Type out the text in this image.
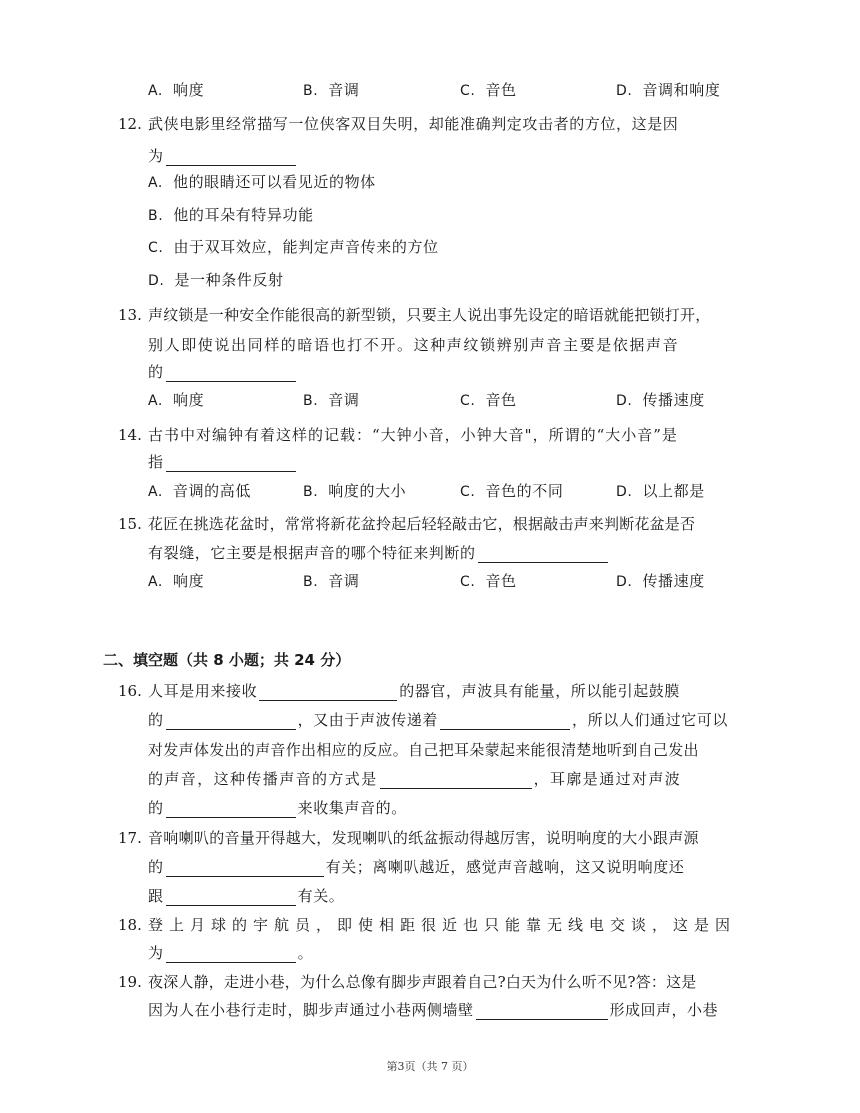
A. 响度	B. 音调	C. 音色	D. 音调和响度
12. 武侠电影里经常描写一位侠客双目失明，却能准确判定攻击者的方位，这是因
为
A. 他的眼睛还可以看见近的物体
B. 他的耳朵有特异功能
C. 由于双耳效应，能判定声音传来的方位
D. 是一种条件反射
13. 声纹锁是一种安全作能很高的新型锁，只要主人说出事先设定的暗语就能把锁打开，
别人即使说出同样的暗语也打不开。这种声纹锁辨别声音主要是依据声音
的
A. 响度	B. 音调	C. 音色	D. 传播速度
14. 古书中对编钟有着这样的记载：“大钟小音，小钟大音"，所谓的“大小音”是
指
A. 音调的高低	B. 响度的大小	C. 音色的不同	D. 以上都是
15. 花匠在挑选花盆时，常常将新花盆拎起后轻轻敲击它，根据敲击声来判断花盆是否
有裂缝，它主要是根据声音的哪个特征来判断的
A. 响度	B. 音调	C. 音色	D. 传播速度
二、填空题（共 8 小题；共 24 分）
16. 人耳是用来接收	的器官，声波具有能量，所以能引起鼓膜
的	，又由于声波传递着	，所以人们通过它可以
对发声体发出的声音作出相应的反应。自己把耳朵蒙起来能很清楚地听到自己发出
的声音，这种传播声音的方式是	，耳廓是通过对声波
的	来收集声音的。
17. 音响喇叭的音量开得越大，发现喇叭的纸盆振动得越厉害，说明响度的大小跟声源
的	有关；离喇叭越近，感觉声音越响，这又说明响度还
跟	有关。
18. 登上月球的宇航员，即使相距很近也只能靠无线电交谈，这是因
为	。
19. 夜深人静，走进小巷，为什么总像有脚步声跟着自己?白天为什么听不见?答：这是
因为人在小巷行走时，脚步声通过小巷两侧墙壁	形成回声，小巷
第3页（共 7 页）
